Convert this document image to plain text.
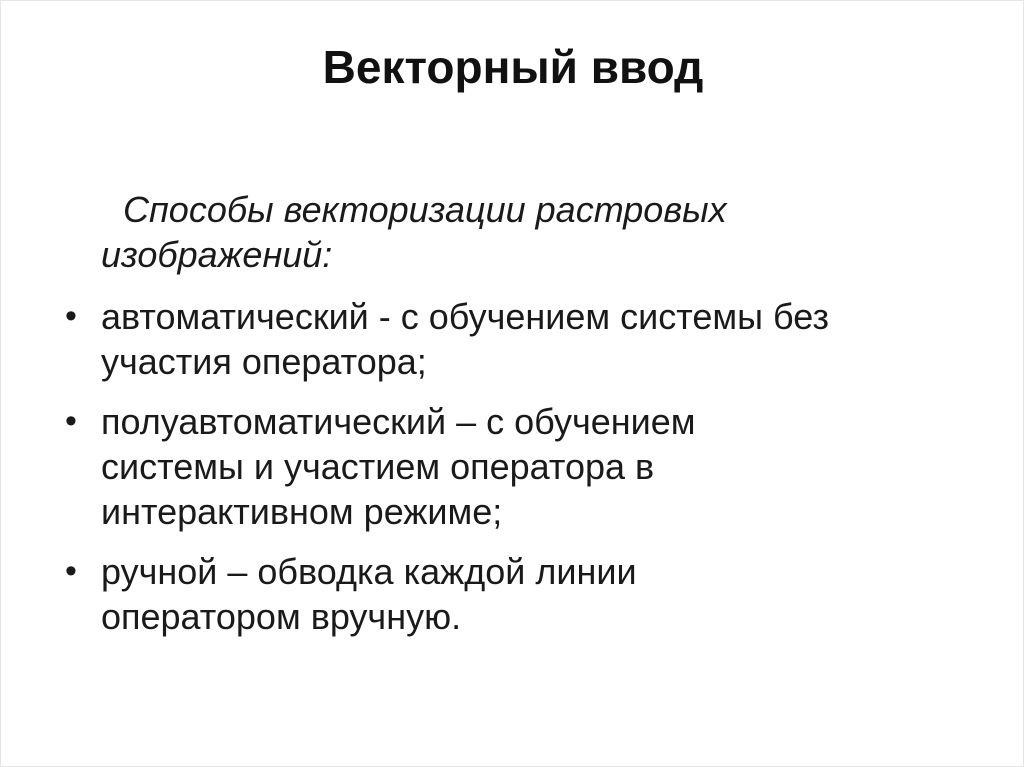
Векторный ввод
Способы векторизации растровых
изображений:
• автоматический - с обучением системы без
участия оператора;
• полуавтоматический – с обучением
системы и участием оператора в
интерактивном режиме;
• ручной – обводка каждой линии
оператором вручную.
